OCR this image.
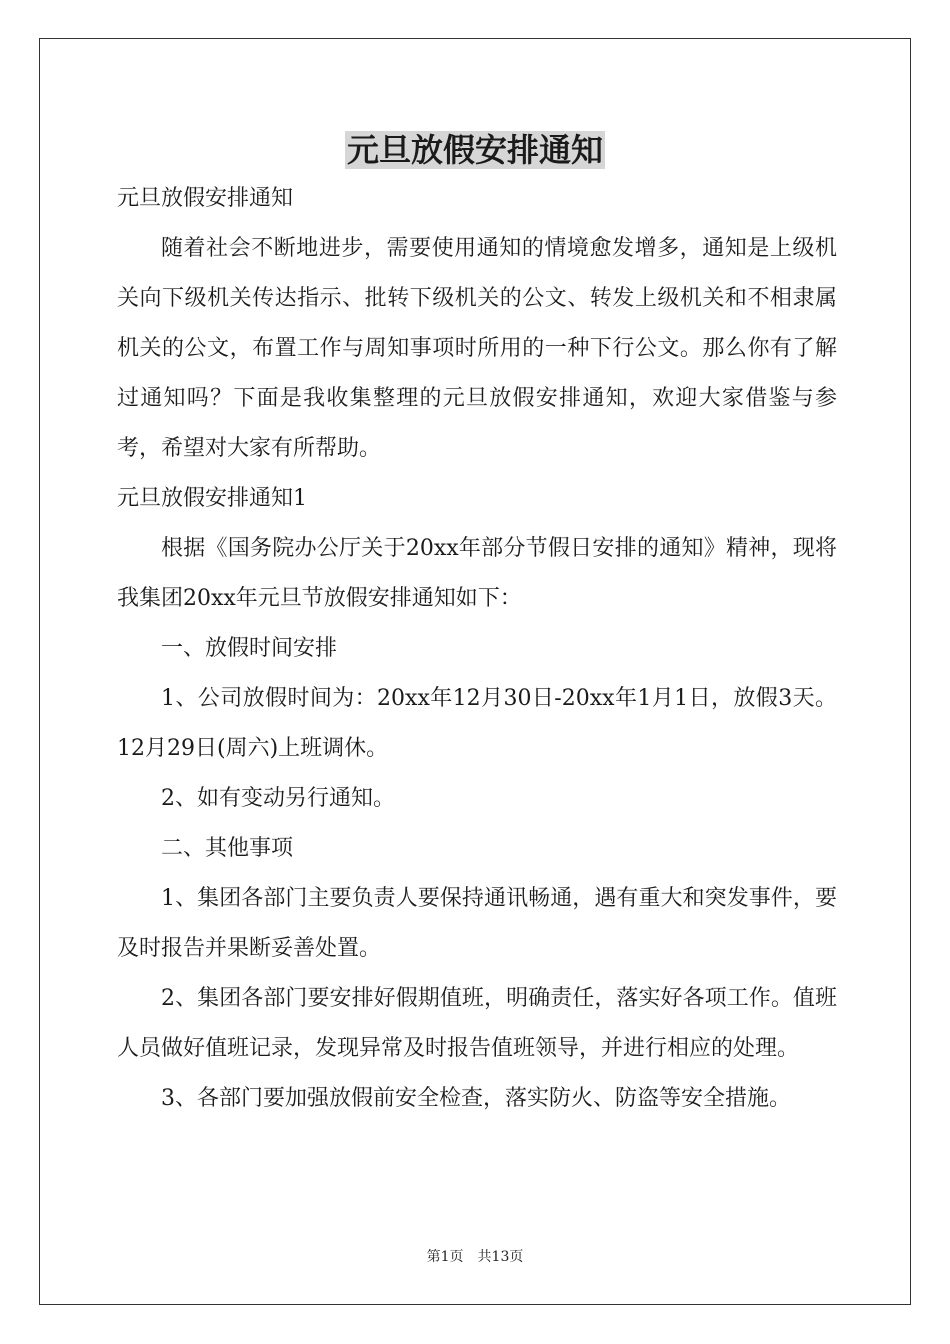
元旦放假安排通知

元旦放假安排通知

随着社会不断地进步，需要使用通知的情境愈发增多，通知是上级机关向下级机关传达指示、批转下级机关的公文、转发上级机关和不相隶属机关的公文，布置工作与周知事项时所用的一种下行公文。那么你有了解过通知吗？下面是我收集整理的元旦放假安排通知，欢迎大家借鉴与参考，希望对大家有所帮助。

元旦放假安排通知1

根据《国务院办公厅关于20xx年部分节假日安排的通知》精神，现将我集团20xx年元旦节放假安排通知如下：

一、放假时间安排

1、公司放假时间为：20xx年12月30日-20xx年1月1日，放假3天。12月29日(周六)上班调休。

2、如有变动另行通知。

二、其他事项

1、集团各部门主要负责人要保持通讯畅通，遇有重大和突发事件，要及时报告并果断妥善处置。

2、集团各部门要安排好假期值班，明确责任，落实好各项工作。值班人员做好值班记录，发现异常及时报告值班领导，并进行相应的处理。

3、各部门要加强放假前安全检查，落实防火、防盗等安全措施。

第1页　共13页
